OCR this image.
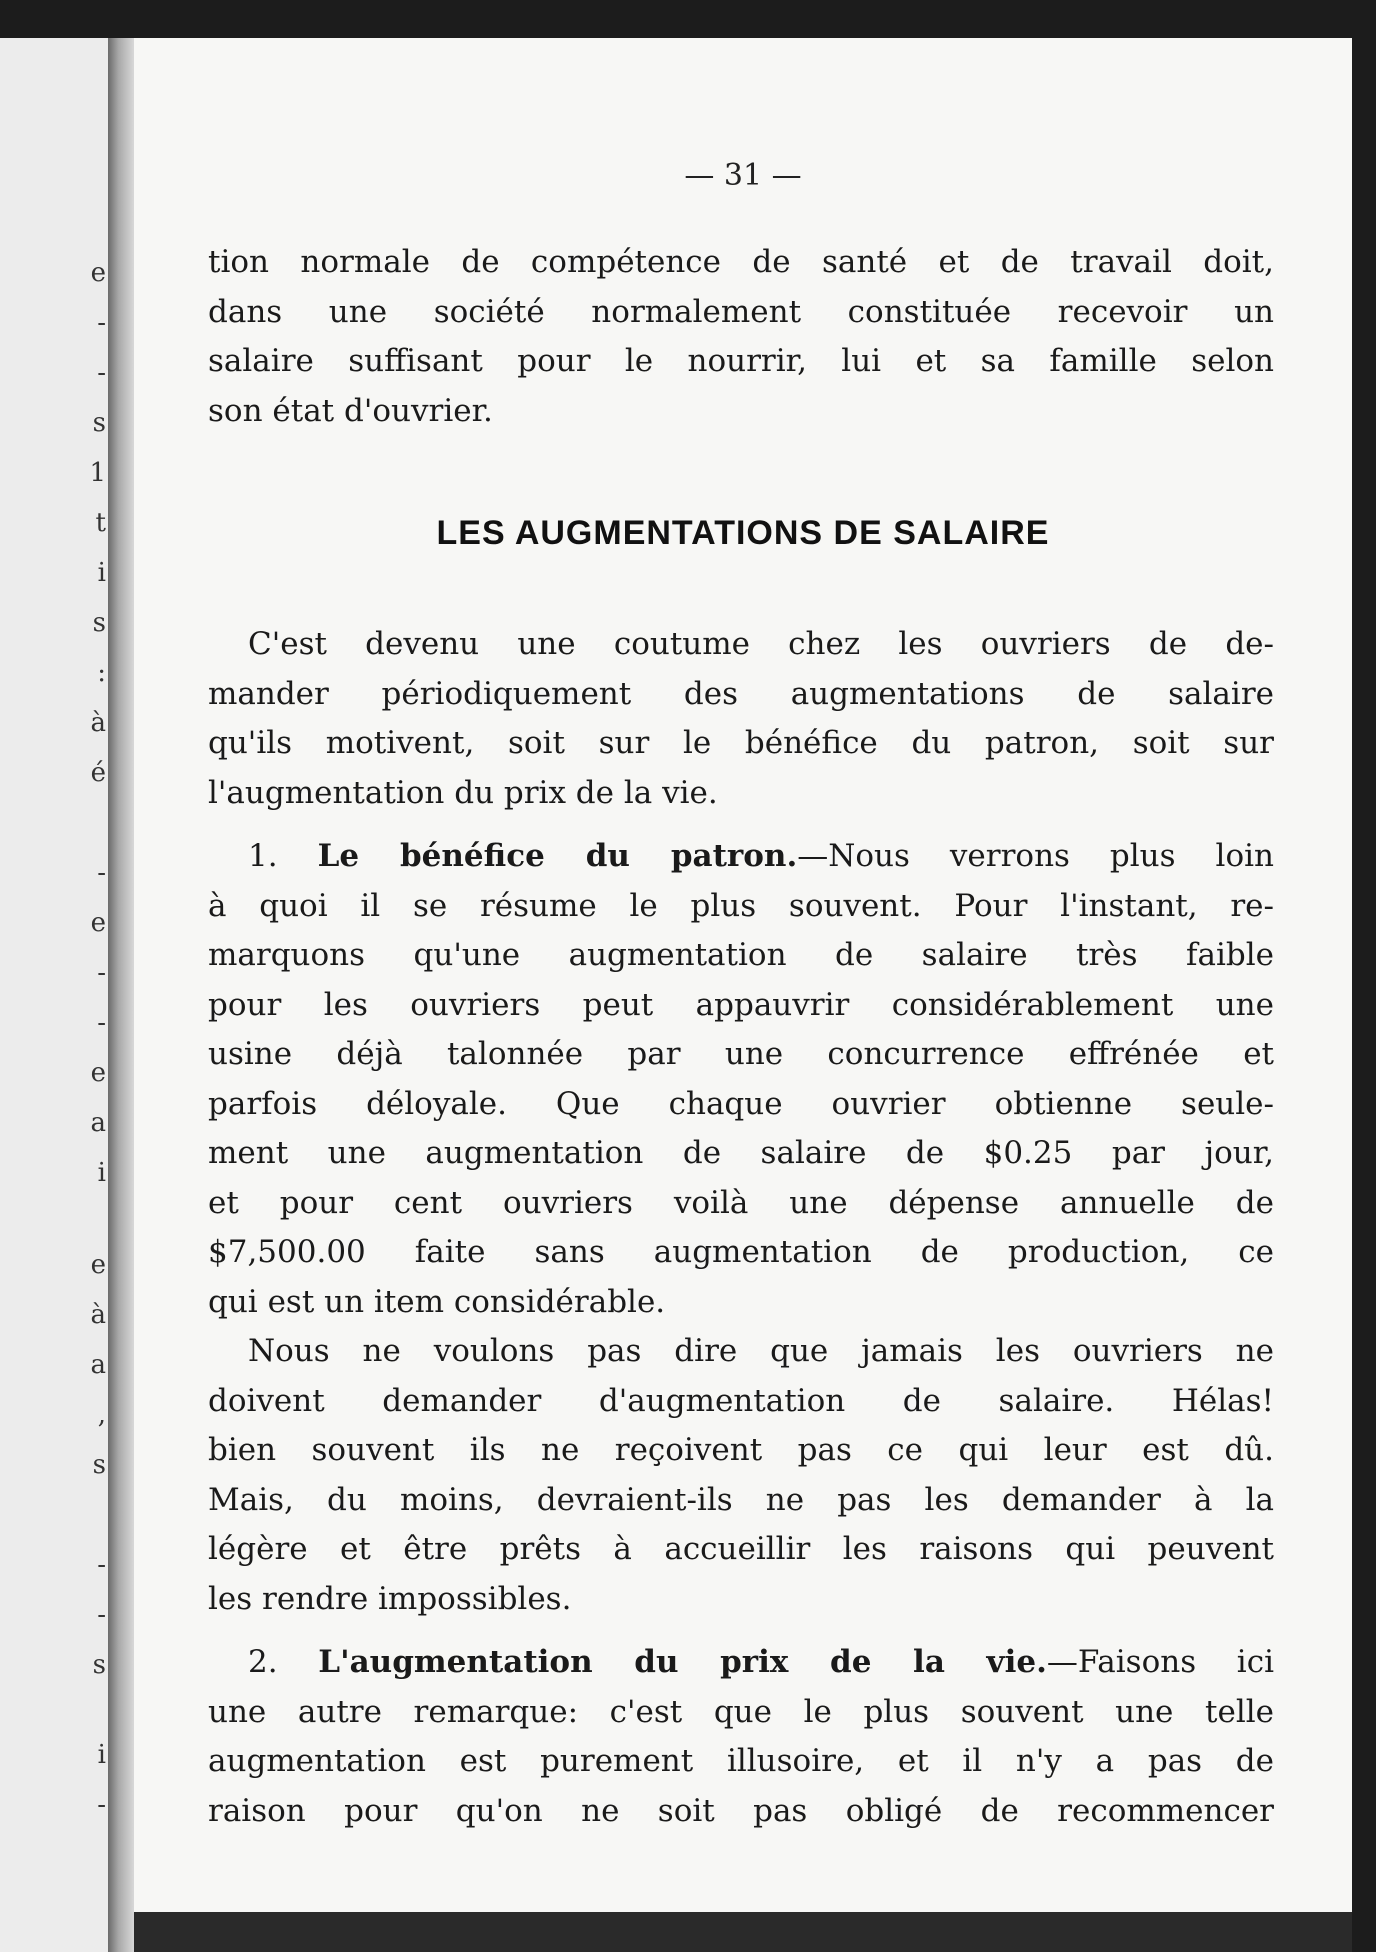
e
-
-
s
1
t
i
s
:
à
é
-
e
-
-
e
a
i
e
à
a
,
s
-
-
s
i
-
— 31 —

tion normale de compétence de santé et de travail doit,
dans une société normalement constituée recevoir un
salaire suffisant pour le nourrir, lui et sa famille selon
son état d'ouvrier.

LES AUGMENTATIONS DE SALAIRE

C'est devenu une coutume chez les ouvriers de de-
mander périodiquement des augmentations de salaire
qu'ils motivent, soit sur le bénéfice du patron, soit sur
l'augmentation du prix de la vie.

1. Le bénéfice du patron.—Nous verrons plus loin
à quoi il se résume le plus souvent. Pour l'instant, re-
marquons qu'une augmentation de salaire très faible
pour les ouvriers peut appauvrir considérablement une
usine déjà talonnée par une concurrence effrénée et
parfois déloyale. Que chaque ouvrier obtienne seule-
ment une augmentation de salaire de $0.25 par jour,
et pour cent ouvriers voilà une dépense annuelle de
$7,500.00 faite sans augmentation de production, ce
qui est un item considérable.

Nous ne voulons pas dire que jamais les ouvriers ne
doivent demander d'augmentation de salaire. Hélas!
bien souvent ils ne reçoivent pas ce qui leur est dû.
Mais, du moins, devraient-ils ne pas les demander à la
légère et être prêts à accueillir les raisons qui peuvent
les rendre impossibles.

2. L'augmentation du prix de la vie.—Faisons ici
une autre remarque: c'est que le plus souvent une telle
augmentation est purement illusoire, et il n'y a pas de
raison pour qu'on ne soit pas obligé de recommencer
